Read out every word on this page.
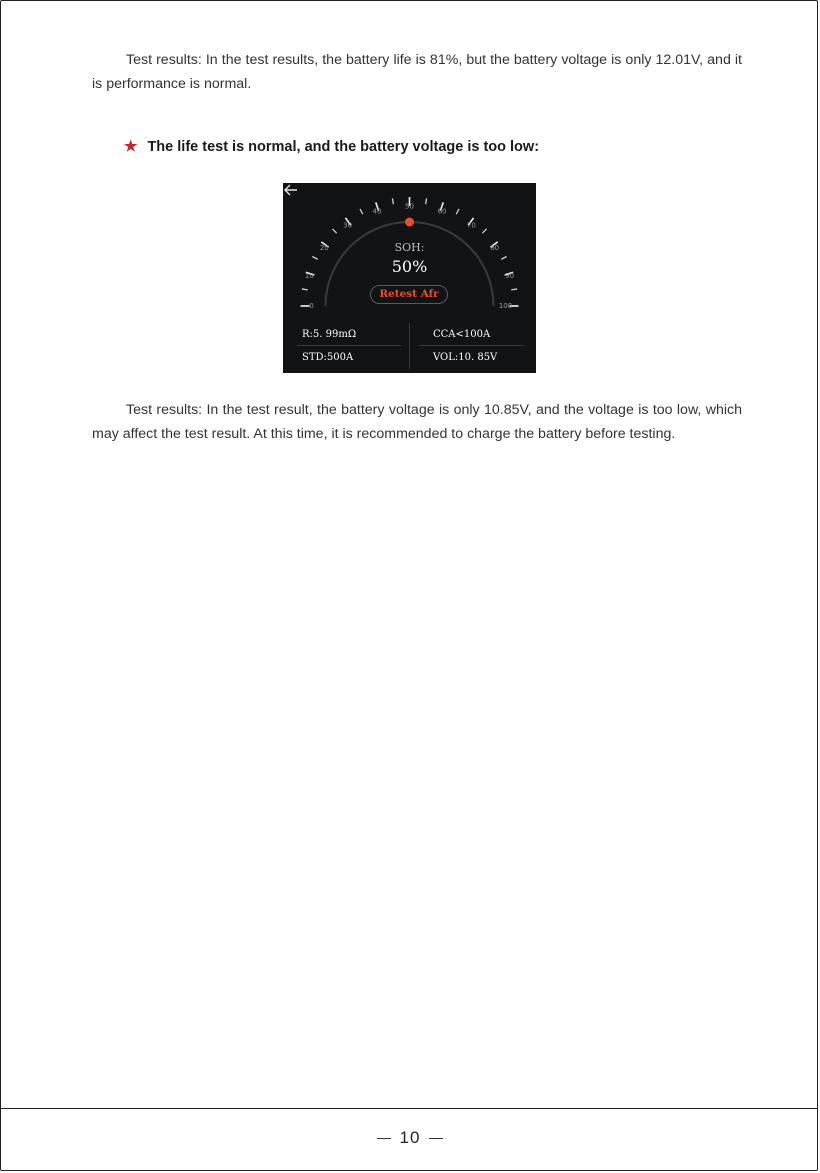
Test results: In the test results, the battery life is 81%, but the battery voltage is only 12.01V, and it is performance is normal.

★ The life test is normal, and the battery voltage is too low:

0
10
20
30
40
50
60
70
80
90
100
SOH:
50%
Retest Afr
R:5. 99mΩ	CCA<100A
STD:500A	VOL:10. 85V

Test results: In the test result, the battery voltage is only 10.85V, and the voltage is too low, which may affect the test result. At this time, it is recommended to charge the battery before testing.

10
